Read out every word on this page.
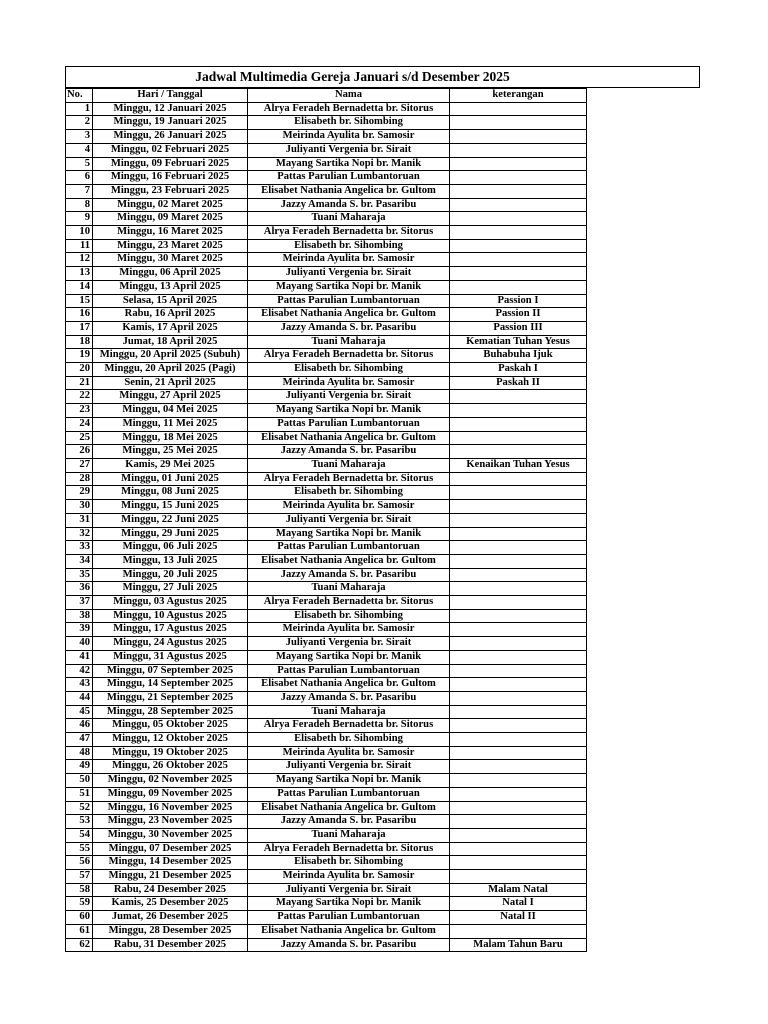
Jadwal Multimedia Gereja Januari s/d Desember 2025
No.	Hari / Tanggal	Nama	keterangan
1	Minggu, 12 Januari 2025	Alrya Feradeh Bernadetta br. Sitorus	
2	Minggu, 19 Januari 2025	Elisabeth br. Sihombing	
3	Minggu, 26 Januari 2025	Meirinda Ayulita br. Samosir	
4	Minggu, 02 Februari 2025	Juliyanti Vergenia br. Sirait	
5	Minggu, 09 Februari 2025	Mayang Sartika Nopi br. Manik	
6	Minggu, 16 Februari 2025	Pattas Parulian Lumbantoruan	
7	Minggu, 23 Februari 2025	Elisabet Nathania Angelica br. Gultom	
8	Minggu, 02 Maret 2025	Jazzy Amanda S. br. Pasaribu	
9	Minggu, 09 Maret 2025	Tuani Maharaja	
10	Minggu, 16 Maret 2025	Alrya Feradeh Bernadetta br. Sitorus	
11	Minggu, 23 Maret 2025	Elisabeth br. Sihombing	
12	Minggu, 30 Maret 2025	Meirinda Ayulita br. Samosir	
13	Minggu, 06 April 2025	Juliyanti Vergenia br. Sirait	
14	Minggu, 13 April 2025	Mayang Sartika Nopi br. Manik	
15	Selasa, 15 April 2025	Pattas Parulian Lumbantoruan	Passion I
16	Rabu, 16 April 2025	Elisabet Nathania Angelica br. Gultom	Passion II
17	Kamis, 17 April 2025	Jazzy Amanda S. br. Pasaribu	Passion III
18	Jumat, 18 April 2025	Tuani Maharaja	Kematian Tuhan Yesus
19	Minggu, 20 April 2025 (Subuh)	Alrya Feradeh Bernadetta br. Sitorus	Buhabuha Ijuk
20	Minggu, 20 April 2025 (Pagi)	Elisabeth br. Sihombing	Paskah I
21	Senin, 21 April 2025	Meirinda Ayulita br. Samosir	Paskah II
22	Minggu, 27 April 2025	Juliyanti Vergenia br. Sirait	
23	Minggu, 04 Mei 2025	Mayang Sartika Nopi br. Manik	
24	Minggu, 11 Mei 2025	Pattas Parulian Lumbantoruan	
25	Minggu, 18 Mei 2025	Elisabet Nathania Angelica br. Gultom	
26	Minggu, 25 Mei 2025	Jazzy Amanda S. br. Pasaribu	
27	Kamis, 29 Mei 2025	Tuani Maharaja	Kenaikan Tuhan Yesus
28	Minggu, 01 Juni 2025	Alrya Feradeh Bernadetta br. Sitorus	
29	Minggu, 08 Juni 2025	Elisabeth br. Sihombing	
30	Minggu, 15 Juni 2025	Meirinda Ayulita br. Samosir	
31	Minggu, 22 Juni 2025	Juliyanti Vergenia br. Sirait	
32	Minggu, 29 Juni 2025	Mayang Sartika Nopi br. Manik	
33	Minggu, 06 Juli 2025	Pattas Parulian Lumbantoruan	
34	Minggu, 13 Juli 2025	Elisabet Nathania Angelica br. Gultom	
35	Minggu, 20 Juli 2025	Jazzy Amanda S. br. Pasaribu	
36	Minggu, 27 Juli 2025	Tuani Maharaja	
37	Minggu, 03 Agustus 2025	Alrya Feradeh Bernadetta br. Sitorus	
38	Minggu, 10 Agustus 2025	Elisabeth br. Sihombing	
39	Minggu, 17 Agustus 2025	Meirinda Ayulita br. Samosir	
40	Minggu, 24 Agustus 2025	Juliyanti Vergenia br. Sirait	
41	Minggu, 31 Agustus 2025	Mayang Sartika Nopi br. Manik	
42	Minggu, 07 September 2025	Pattas Parulian Lumbantoruan	
43	Minggu, 14 September 2025	Elisabet Nathania Angelica br. Gultom	
44	Minggu, 21 September 2025	Jazzy Amanda S. br. Pasaribu	
45	Minggu, 28 September 2025	Tuani Maharaja	
46	Minggu, 05 Oktober 2025	Alrya Feradeh Bernadetta br. Sitorus	
47	Minggu, 12 Oktober 2025	Elisabeth br. Sihombing	
48	Minggu, 19 Oktober 2025	Meirinda Ayulita br. Samosir	
49	Minggu, 26 Oktober 2025	Juliyanti Vergenia br. Sirait	
50	Minggu, 02 November 2025	Mayang Sartika Nopi br. Manik	
51	Minggu, 09 November 2025	Pattas Parulian Lumbantoruan	
52	Minggu, 16 November 2025	Elisabet Nathania Angelica br. Gultom	
53	Minggu, 23 November 2025	Jazzy Amanda S. br. Pasaribu	
54	Minggu, 30 November 2025	Tuani Maharaja	
55	Minggu, 07 Desember 2025	Alrya Feradeh Bernadetta br. Sitorus	
56	Minggu, 14 Desember 2025	Elisabeth br. Sihombing	
57	Minggu, 21 Desember 2025	Meirinda Ayulita br. Samosir	
58	Rabu, 24 Desember 2025	Juliyanti Vergenia br. Sirait	Malam Natal
59	Kamis, 25 Desember 2025	Mayang Sartika Nopi br. Manik	Natal I
60	Jumat, 26 Desember 2025	Pattas Parulian Lumbantoruan	Natal II
61	Minggu, 28 Desember 2025	Elisabet Nathania Angelica br. Gultom	
62	Rabu, 31 Desember 2025	Jazzy Amanda S. br. Pasaribu	Malam Tahun Baru
